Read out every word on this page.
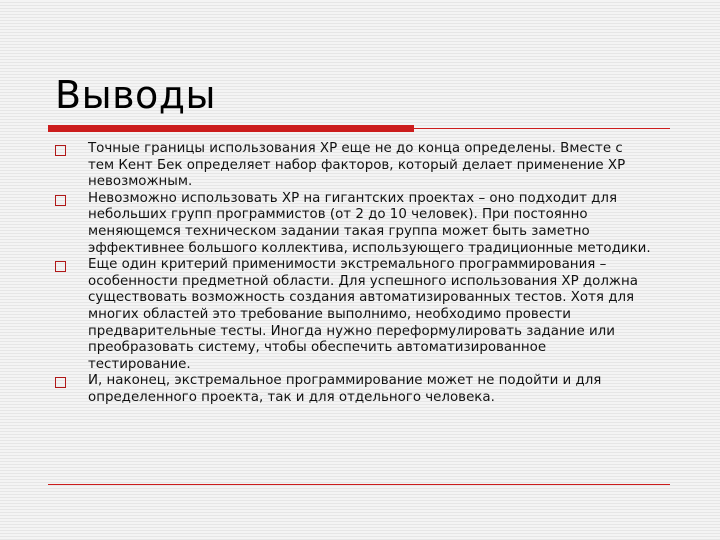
Выводы
Точные границы использования XP еще не до конца определены. Вместе с тем Кент Бек определяет набор факторов, который делает применение XP невозможным.
Невозможно использовать XP на гигантских проектах – оно подходит для небольших групп программистов (от 2 до 10 человек). При постоянно меняющемся техническом задании такая группа может быть заметно эффективнее большого коллектива, использующего традиционные методики.
Еще один критерий применимости экстремального программирования – особенности предметной области. Для успешного использования XP должна существовать возможность создания автоматизированных тестов. Хотя для многих областей это требование выполнимо, необходимо провести предварительные тесты. Иногда нужно переформулировать задание или преобразовать систему, чтобы обеспечить автоматизированное тестирование.
И, наконец, экстремальное программирование может не подойти и для определенного проекта, так и для отдельного человека.
